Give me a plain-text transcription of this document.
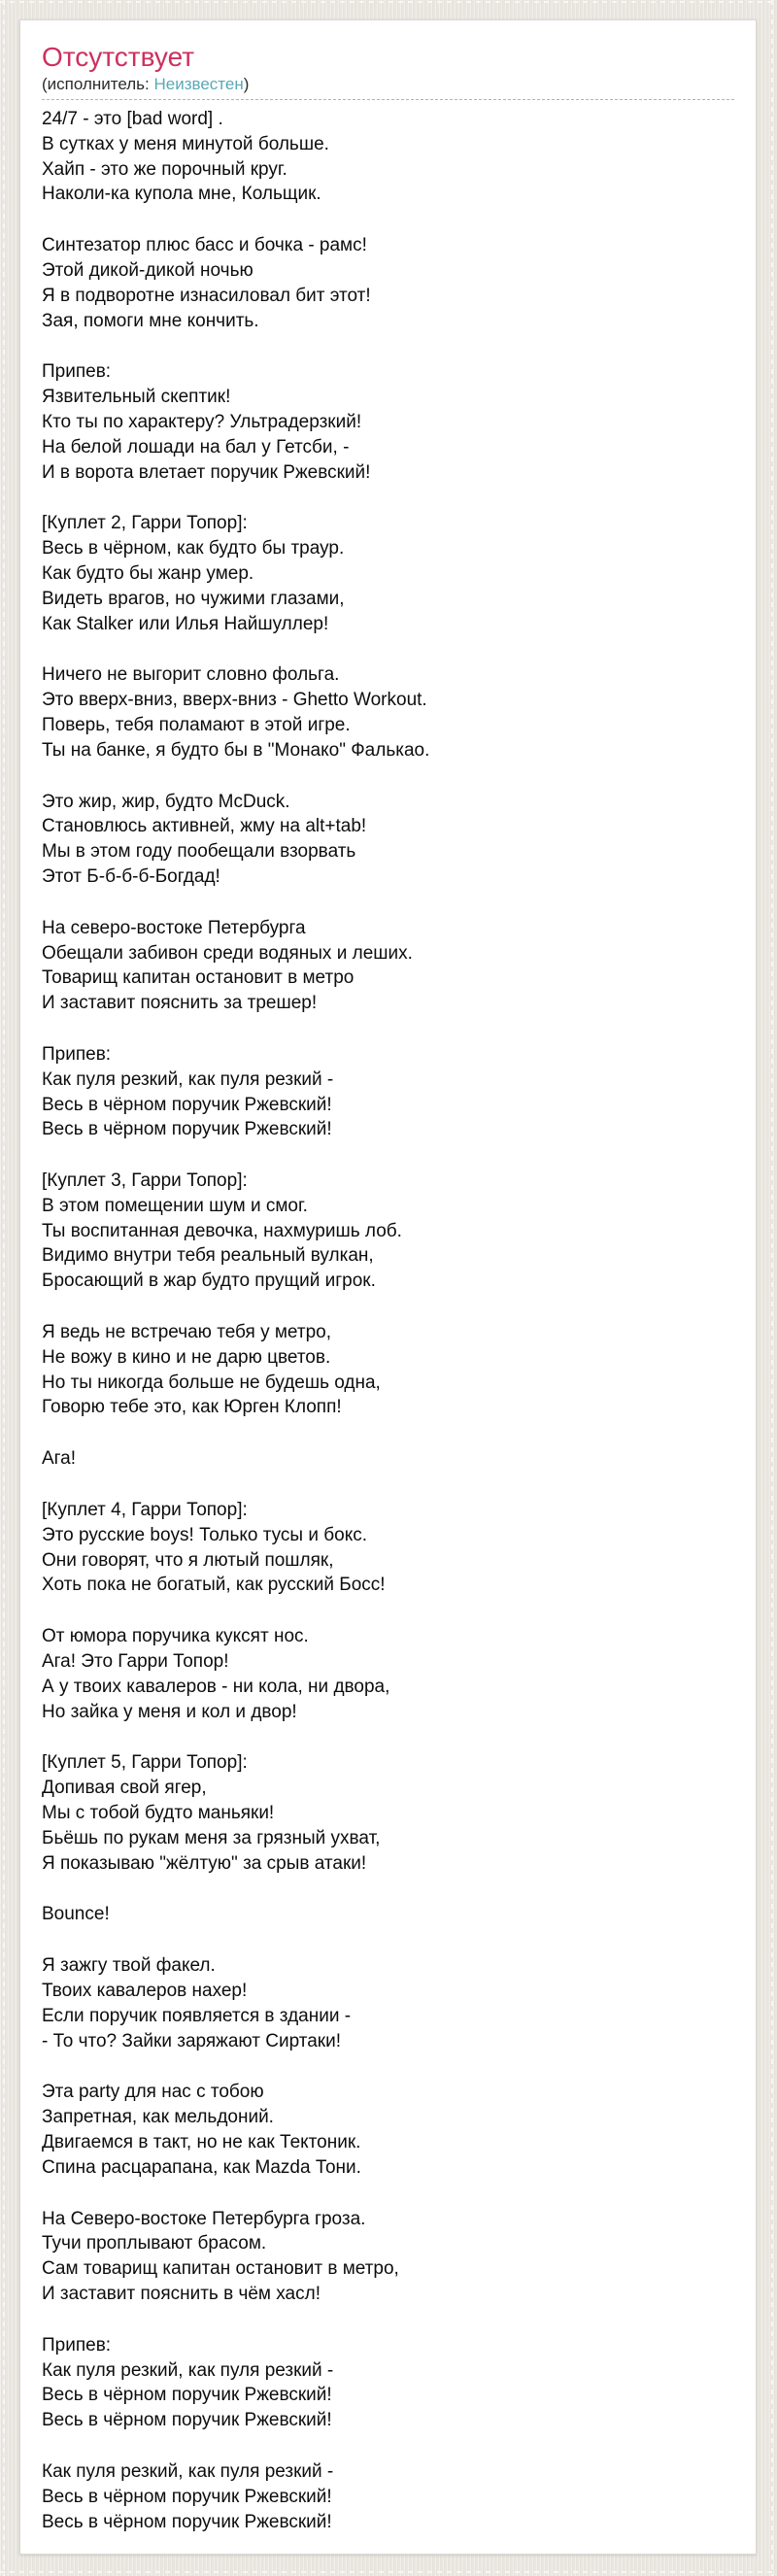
Отсутствует
(исполнитель: Неизвестен)

24/7 - это [bad word] .
В сутках у меня минутой больше.
Хайп - это же порочный круг.
Наколи-ка купола мне, Кольщик.

Синтезатор плюс басс и бочка - рамс!
Этой дикой-дикой ночью
Я в подворотне изнасиловал бит этот!
Зая, помоги мне кончить.

Припев:
Язвительный скептик!
Кто ты по характеру? Ультрадерзкий!
На белой лошади на бал у Гетсби, -
И в ворота влетает поручик Ржевский!

[Куплет 2, Гарри Топор]:
Весь в чёрном, как будто бы траур.
Как будто бы жанр умер.
Видеть врагов, но чужими глазами,
Как Stalker или Илья Найшуллер!

Ничего не выгорит словно фольга.
Это вверх-вниз, вверх-вниз - Ghetto Workout.
Поверь, тебя поламают в этой игре.
Ты на банке, я будто бы в "Монако" Фалькао.

Это жир, жир, будто McDuck.
Становлюсь активней, жму на alt+tab!
Мы в этом году пообещали взорвать
Этот Б-б-б-б-Богдад!

На северо-востоке Петербурга
Обещали забивон среди водяных и леших.
Товарищ капитан остановит в метро
И заставит пояснить за трешер!

Припев:
Как пуля резкий, как пуля резкий -
Весь в чёрном поручик Ржевский!
Весь в чёрном поручик Ржевский!

[Куплет 3, Гарри Топор]:
В этом помещении шум и смог.
Ты воспитанная девочка, нахмуришь лоб.
Видимо внутри тебя реальный вулкан,
Бросающий в жар будто прущий игрок.

Я ведь не встречаю тебя у метро,
Не вожу в кино и не дарю цветов.
Но ты никогда больше не будешь одна,
Говорю тебе это, как Юрген Клопп!

Ага!

[Куплет 4, Гарри Топор]:
Это русские boys! Только тусы и бокс.
Они говорят, что я лютый пошляк,
Хоть пока не богатый, как русский Босс!

От юмора поручика куксят нос.
Ага! Это Гарри Топор!
А у твоих кавалеров - ни кола, ни двора,
Но зайка у меня и кол и двор!

[Куплет 5, Гарри Топор]:
Допивая свой ягер,
Мы с тобой будто маньяки!
Бьёшь по рукам меня за грязный ухват,
Я показываю "жёлтую" за срыв атаки!

Bounce!

Я зажгу твой факел.
Твоих кавалеров нахер!
Если поручик появляется в здании -
- То что? Зайки заряжают Сиртаки!

Эта party для нас с тобою
Запретная, как мельдоний.
Двигаемся в такт, но не как Тектоник.
Спина расцарапана, как Mazda Тони.

На Северо-востоке Петербурга гроза.
Тучи проплывают брасом.
Сам товарищ капитан остановит в метро,
И заставит пояснить в чём хасл!

Припев:
Как пуля резкий, как пуля резкий -
Весь в чёрном поручик Ржевский!
Весь в чёрном поручик Ржевский!

Как пуля резкий, как пуля резкий -
Весь в чёрном поручик Ржевский!
Весь в чёрном поручик Ржевский!
